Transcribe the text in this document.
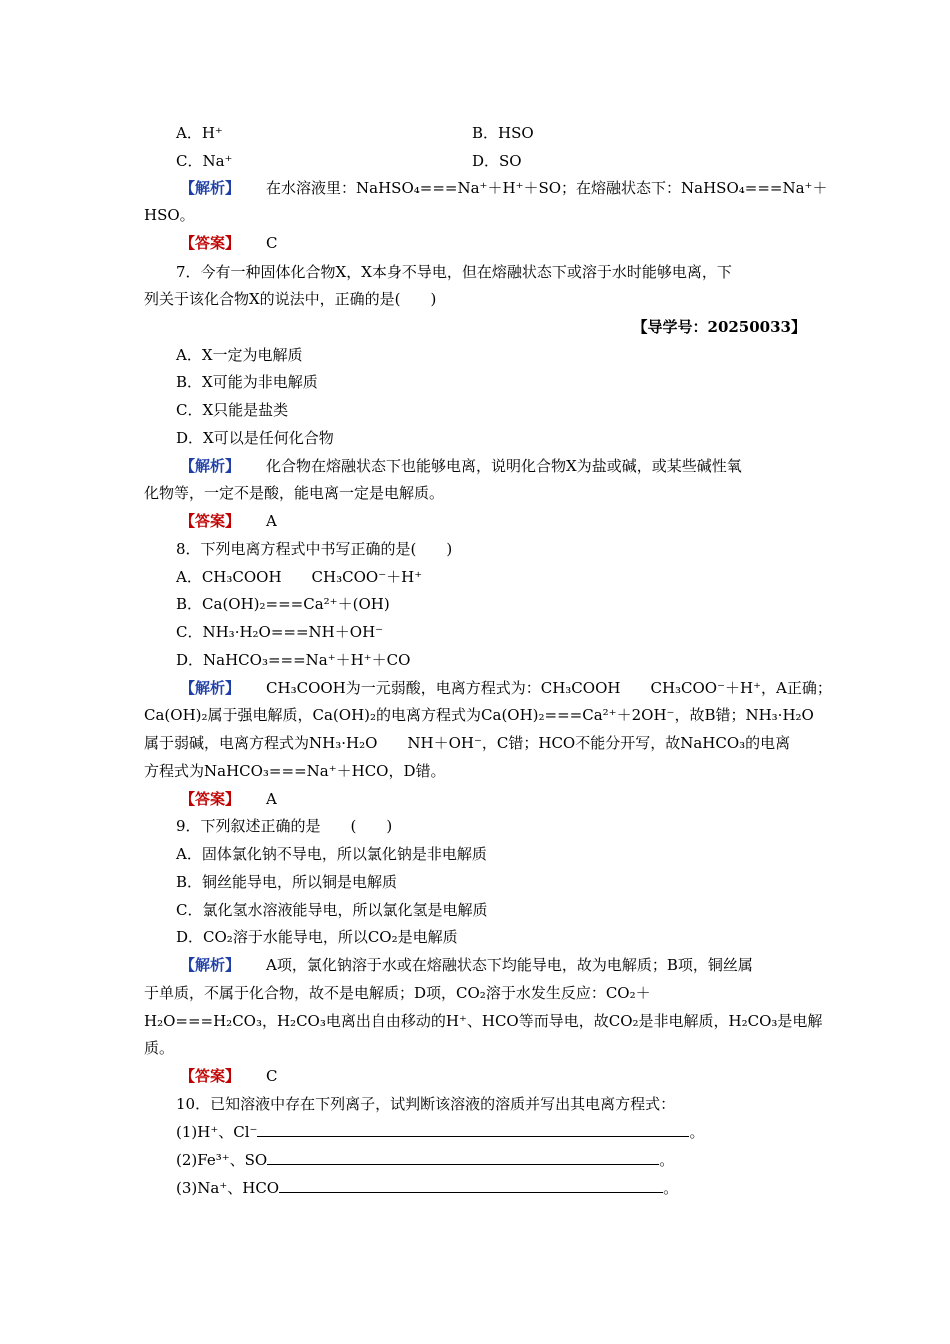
A．H⁺	B．HSO
C．Na⁺	D．SO
【解析】 在水溶液里：NaHSO₄===Na⁺＋H⁺＋SO；在熔融状态下：NaHSO₄===Na⁺＋
HSO。
【答案】 C
7．今有一种固体化合物X，X本身不导电，但在熔融状态下或溶于水时能够电离，下
列关于该化合物X的说法中，正确的是(　　)
【导学号：20250033】
A．X一定为电解质
B．X可能为非电解质
C．X只能是盐类
D．X可以是任何化合物
【解析】 化合物在熔融状态下也能够电离，说明化合物X为盐或碱，或某些碱性氧
化物等，一定不是酸，能电离一定是电解质。
【答案】 A
8．下列电离方程式中书写正确的是(　　)
A．CH₃COOH　　CH₃COO⁻＋H⁺
B．Ca(OH)₂===Ca²⁺＋(OH)
C．NH₃·H₂O===NH＋OH⁻
D．NaHCO₃===Na⁺＋H⁺＋CO
【解析】 CH₃COOH为一元弱酸，电离方程式为：CH₃COOH　　CH₃COO⁻＋H⁺，A正确；
Ca(OH)₂属于强电解质，Ca(OH)₂的电离方程式为Ca(OH)₂===Ca²⁺＋2OH⁻，故B错；NH₃·H₂O
属于弱碱，电离方程式为NH₃·H₂O　　NH＋OH⁻，C错；HCO不能分开写，故NaHCO₃的电离
方程式为NaHCO₃===Na⁺＋HCO，D错。
【答案】 A
9．下列叙述正确的是　　(　　)
A．固体氯化钠不导电，所以氯化钠是非电解质
B．铜丝能导电，所以铜是电解质
C．氯化氢水溶液能导电，所以氯化氢是电解质
D．CO₂溶于水能导电，所以CO₂是电解质
【解析】 A项，氯化钠溶于水或在熔融状态下均能导电，故为电解质；B项，铜丝属
于单质，不属于化合物，故不是电解质；D项，CO₂溶于水发生反应：CO₂＋
H₂O===H₂CO₃，H₂CO₃电离出自由移动的H⁺、HCO等而导电，故CO₂是非电解质，H₂CO₃是电解
质。
【答案】 C
10．已知溶液中存在下列离子，试判断该溶液的溶质并写出其电离方程式：
(1)H⁺、Cl⁻	。
(2)Fe³⁺、SO	。
(3)Na⁺、HCO	。
